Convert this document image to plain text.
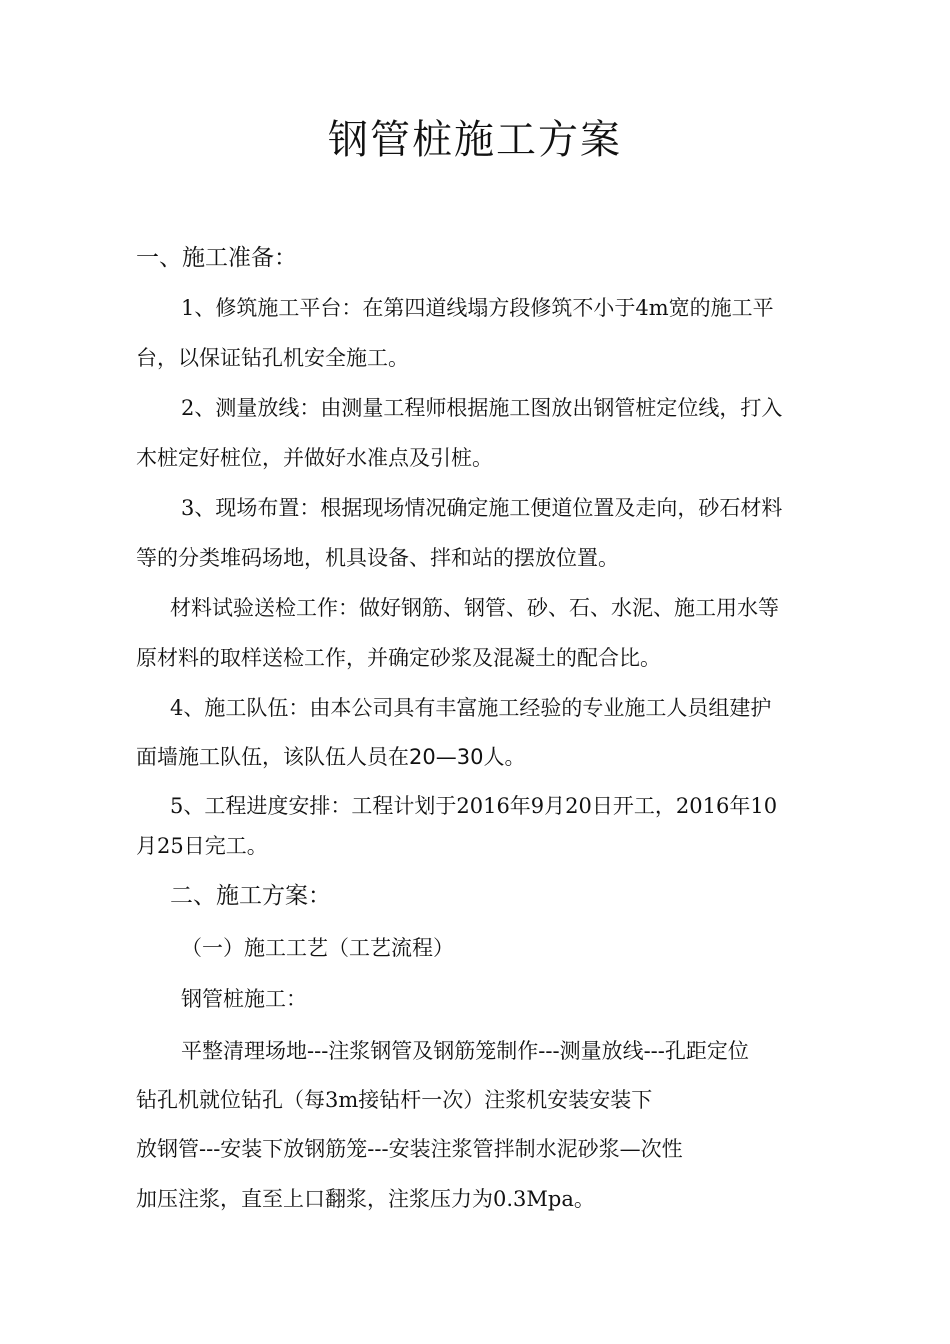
钢管桩施工方案
一、施工准备：
1、修筑施工平台：在第四道线塌方段修筑不小于4m宽的施工平
台，以保证钻孔机安全施工。
2、测量放线：由测量工程师根据施工图放出钢管桩定位线，打入
木桩定好桩位，并做好水准点及引桩。
3、现场布置：根据现场情况确定施工便道位置及走向，砂石材料
等的分类堆码场地，机具设备、拌和站的摆放位置。
材料试验送检工作：做好钢筋、钢管、砂、石、水泥、施工用水等
原材料的取样送检工作，并确定砂浆及混凝土的配合比。
4、施工队伍：由本公司具有丰富施工经验的专业施工人员组建护
面墙施工队伍，该队伍人员在20—30人。
5、工程进度安排：工程计划于2016年9月20日开工，2016年10
月25日完工。
二、施工方案：
（一）施工工艺（工艺流程）
钢管桩施工：
平整清理场地---注浆钢管及钢筋笼制作---测量放线---孔距定位
钻孔机就位钻孔（每3m接钻杆一次）注浆机安装安装下
放钢管---安装下放钢筋笼---安装注浆管拌制水泥砂浆—次性
加压注浆，直至上口翻浆，注浆压力为0.3Mpa。
